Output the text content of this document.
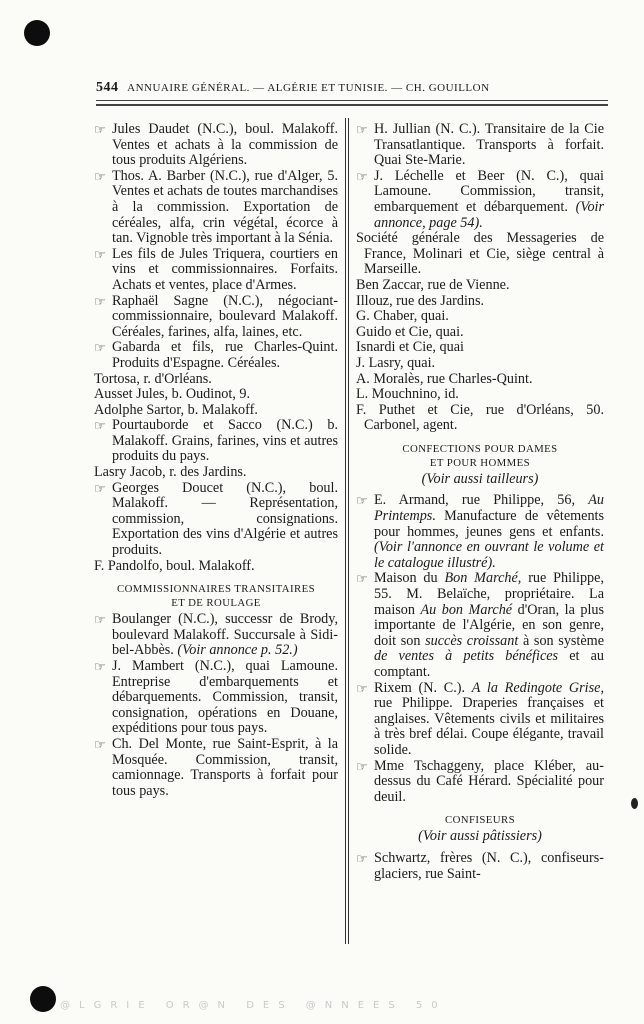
544 ANNUAIRE GÉNÉRAL. — ALGÉRIE ET TUNISIE. — CH. GOUILLON
☞ Jules Daudet (N.C.), boul. Malakoff. Ventes et achats à la commission de tous produits Algériens.
☞ Thos. A. Barber (N.C.), rue d'Alger, 5. Ventes et achats de toutes marchandises à la commission. Exportation de céréales, alfa, crin végétal, écorce à tan. Vignoble très important à la Sénia.
☞ Les fils de Jules Triquera, courtiers en vins et commissionnaires. Forfaits. Achats et ventes, place d'Armes.
☞ Raphaël Sagne (N.C.), négociant-commissionnaire, boulevard Malakoff. Céréales, farines, alfa, laines, etc.
☞ Gabarda et fils, rue Charles-Quint. Produits d'Espagne. Céréales.
Tortosa, r. d'Orléans.
Ausset Jules, b. Oudinot, 9.
Adolphe Sartor, b. Malakoff.
☞ Pourtauborde et Sacco (N.C.) b. Malakoff. Grains, farines, vins et autres produits du pays.
Lasry Jacob, r. des Jardins.
☞ Georges Doucet (N.C.), boul. Malakoff. — Représentation, commission, consignations. Exportation des vins d'Algérie et autres produits.
F. Pandolfo, boul. Malakoff.
COMMISSIONNAIRES TRANSITAIRES
ET DE ROULAGE
☞ Boulanger (N.C.), successr de Brody, boulevard Malakoff. Succursale à Sidi-bel-Abbès. (Voir annonce p. 52.)
☞ J. Mambert (N.C.), quai Lamoune. Entreprise d'embarquements et débarquements. Commission, transit, consignation, opérations en Douane, expéditions pour tous pays.
☞ Ch. Del Monte, rue Saint-Esprit, à la Mosquée. Commission, transit, camionnage. Transports à forfait pour tous pays.
☞ H. Jullian (N. C.). Transitaire de la Cie Transatlantique. Transports à forfait. Quai Ste-Marie.
☞ J. Léchelle et Beer (N. C.), quai Lamoune. Commission, transit, embarquement et débarquement. (Voir annonce, page 54).
Société générale des Messageries de France, Molinari et Cie, siège central à Marseille.
Ben Zaccar, rue de Vienne.
Illouz, rue des Jardins.
G. Chaber, quai.
Guido et Cie, quai.
Isnardi et Cie, quai
J. Lasry, quai.
A. Moralès, rue Charles-Quint.
L. Mouchnino, id.
F. Puthet et Cie, rue d'Orléans, 50. Carbonel, agent.
CONFECTIONS POUR DAMES
ET POUR HOMMES
(Voir aussi tailleurs)
☞ E. Armand, rue Philippe, 56, Au Printemps. Manufacture de vêtements pour hommes, jeunes gens et enfants. (Voir l'annonce en ouvrant le volume et le catalogue illustré).
☞ Maison du Bon Marché, rue Philippe, 55. M. Belaïche, propriétaire. La maison Au bon Marché d'Oran, la plus importante de l'Algérie, en son genre, doit son succès croissant à son système de ventes à petits bénéfices et au comptant.
☞ Rixem (N. C.). A la Redingote Grise, rue Philippe. Draperies françaises et anglaises. Vêtements civils et militaires à très bref délai. Coupe élégante, travail solide.
☞ Mme Tschaggeny, place Kléber, au-dessus du Café Hérard. Spécialité pour deuil.
CONFISEURS
(Voir aussi pâtissiers)
☞ Schwartz, frères (N. C.), confiseurs-glaciers, rue Saint-
@LGRIE OR@N DES @NNEES 50
